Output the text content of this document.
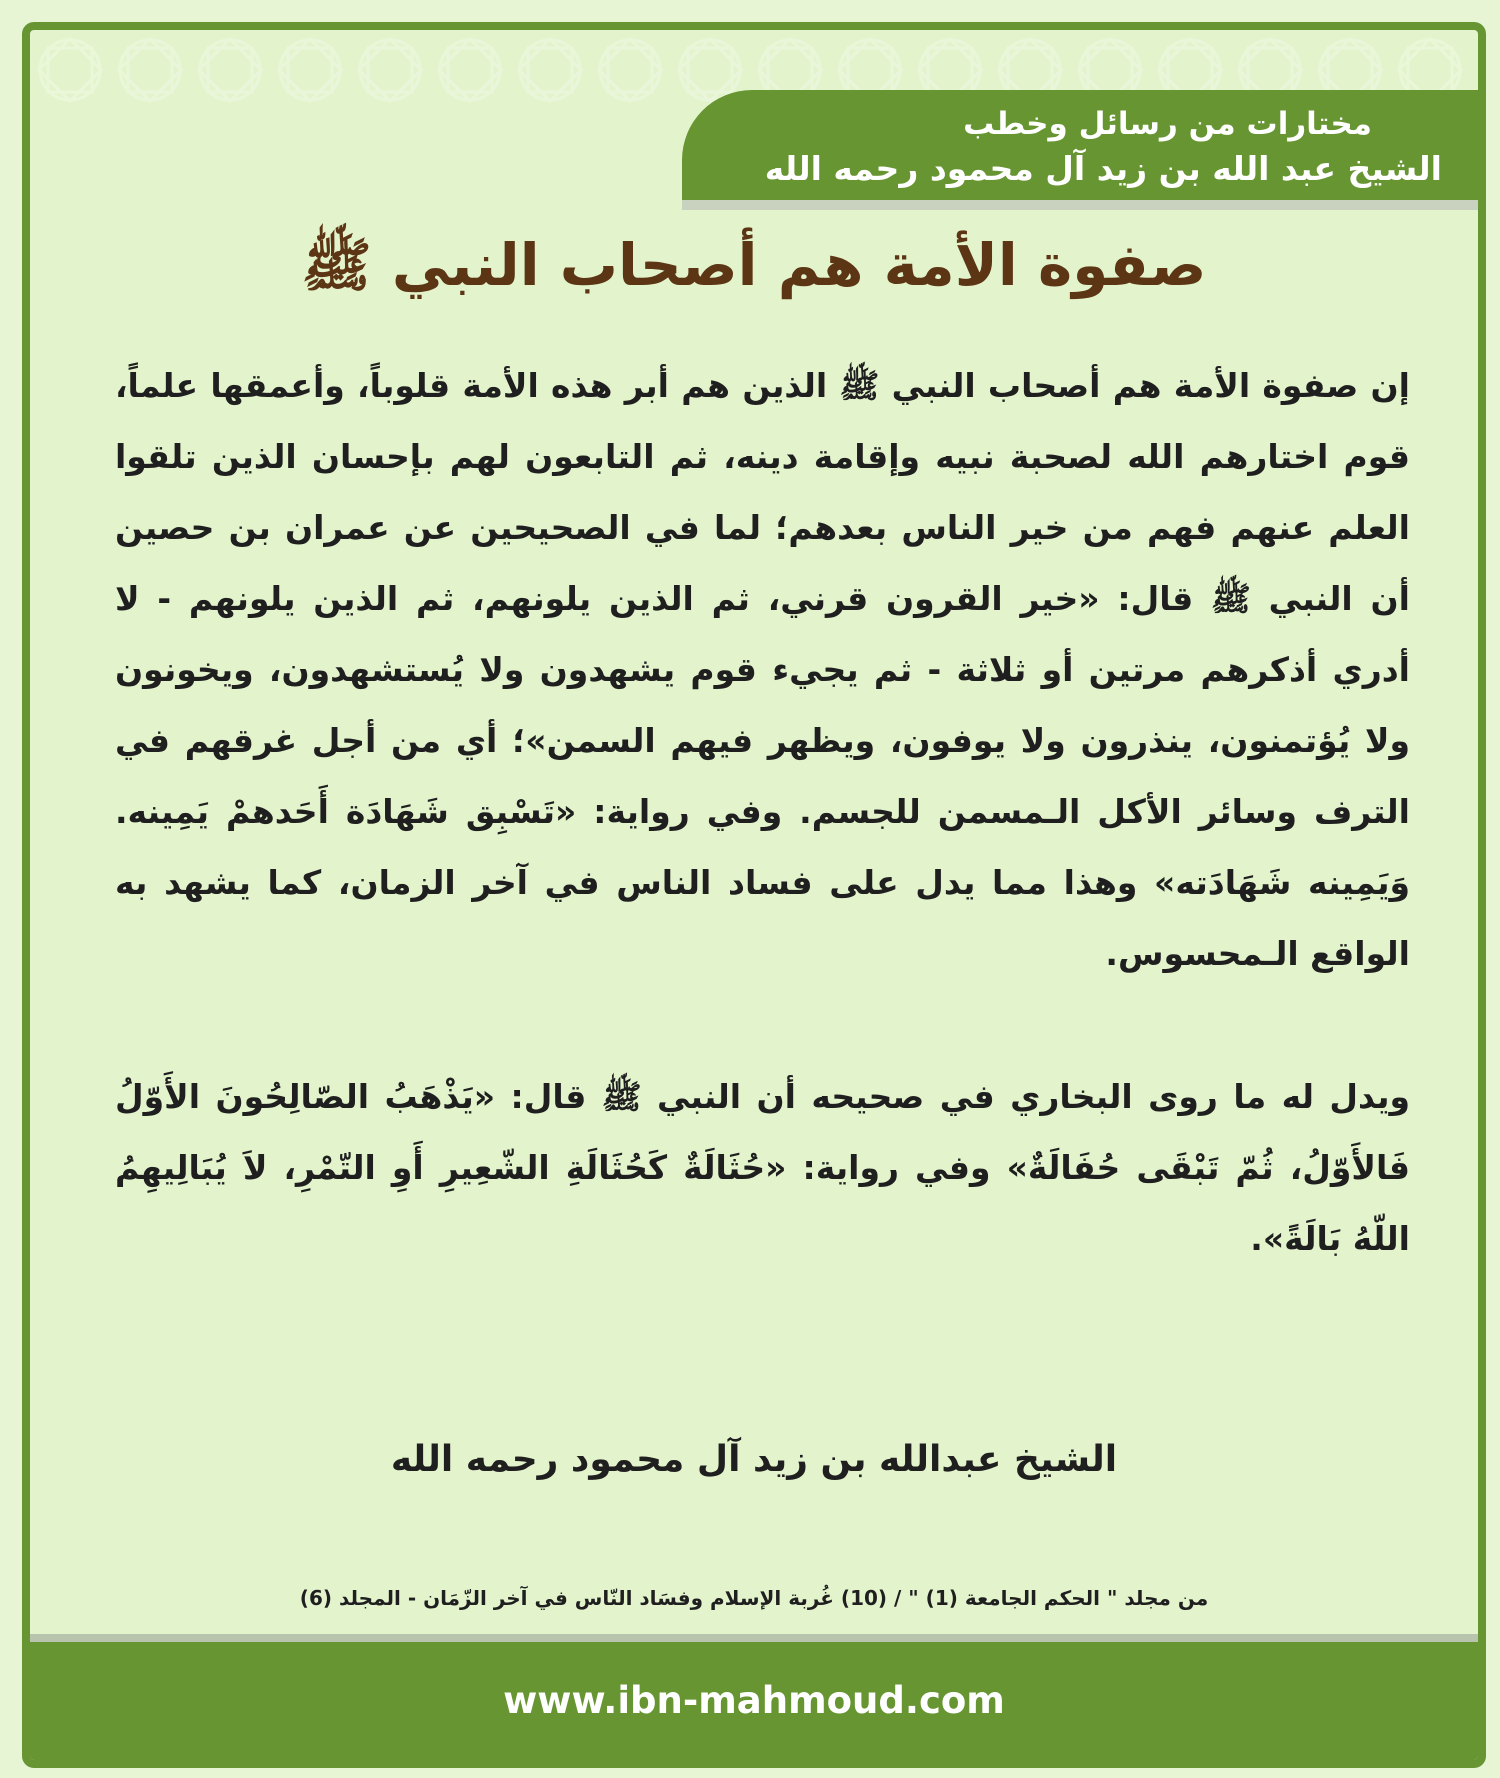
مختارات من رسائل وخطب
الشيخ عبد الله بن زيد آل محمود رحمه الله
صفوة الأمة هم أصحاب النبي ﷺ

إن صفوة الأمة هم أصحاب النبي ﷺ الذين هم أبر هذه الأمة قلوباً، وأعمقها علماً، قوم اختارهم الله لصحبة نبيه وإقامة دينه، ثم التابعون لهم بإحسان الذين تلقوا العلم عنهم فهم من خير الناس بعدهم؛ لما في الصحيحين عن عمران بن حصين أن النبي ﷺ قال: «خير القرون قرني، ثم الذين يلونهم، ثم الذين يلونهم - لا أدري أذكرهم مرتين أو ثلاثة - ثم يجيء قوم يشهدون ولا يُستشهدون، ويخونون ولا يُؤتمنون، ينذرون ولا يوفون، ويظهر فيهم السمن»؛ أي من أجل غرقهم في الترف وسائر الأكل الـمسمن للجسم. وفي رواية: «تَسْبِق شَهَادَة أَحَدهمْ يَمِينه. وَيَمِينه شَهَادَته» وهذا مما يدل على فساد الناس في آخر الزمان، كما يشهد به الواقع الـمحسوس.

ويدل له ما روى البخاري في صحيحه أن النبي ﷺ قال: «يَذْهَبُ الصّالِحُونَ الأَوّلُ فَالأَوّلُ، ثُمّ تَبْقَى حُفَالَةٌ» وفي رواية: «حُثَالَةٌ كَحُثَالَةِ الشّعِيرِ أَوِ التّمْرِ، لاَ يُبَالِيهِمُ اللّهُ بَالَةً».

الشيخ عبدالله بن زيد آل محمود رحمه الله
من مجلد " الحكم الجامعة (1) " / (10) غُربة الإسلام وفسَاد النّاس في آخر الزّمَان - المجلد (6)
www.ibn-mahmoud.com
